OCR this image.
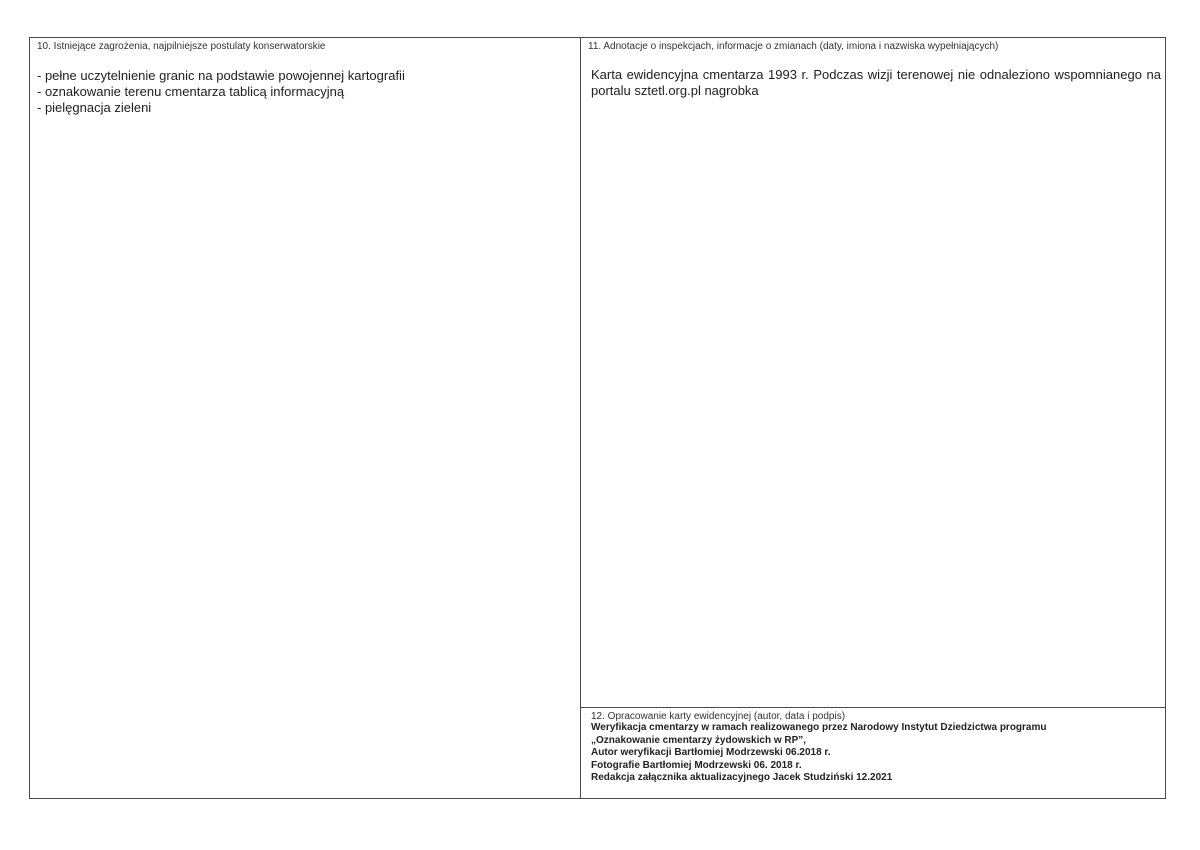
10. Istniejące zagrożenia, najpilniejsze postulaty konserwatorskie
- pełne uczytelnienie granic na podstawie powojennej kartografii
- oznakowanie terenu cmentarza tablicą informacyjną
- pielęgnacja zieleni
11. Adnotacje o inspekcjach, informacje o zmianach (daty, imiona i nazwiska wypełniających)

Karta ewidencyjna cmentarza 1993 r. Podczas wizji terenowej nie odnaleziono wspomnianego na portalu sztetl.org.pl nagrobka

12. Opracowanie karty ewidencyjnej (autor, data i podpis)
Weryfikacja cmentarzy w ramach realizowanego przez Narodowy Instytut Dziedzictwa programu
„Oznakowanie cmentarzy żydowskich w RP”,
Autor weryfikacji Bartłomiej Modrzewski 06.2018 r.
Fotografie Bartłomiej Modrzewski 06. 2018 r.
Redakcja załącznika aktualizacyjnego Jacek Studziński 12.2021
